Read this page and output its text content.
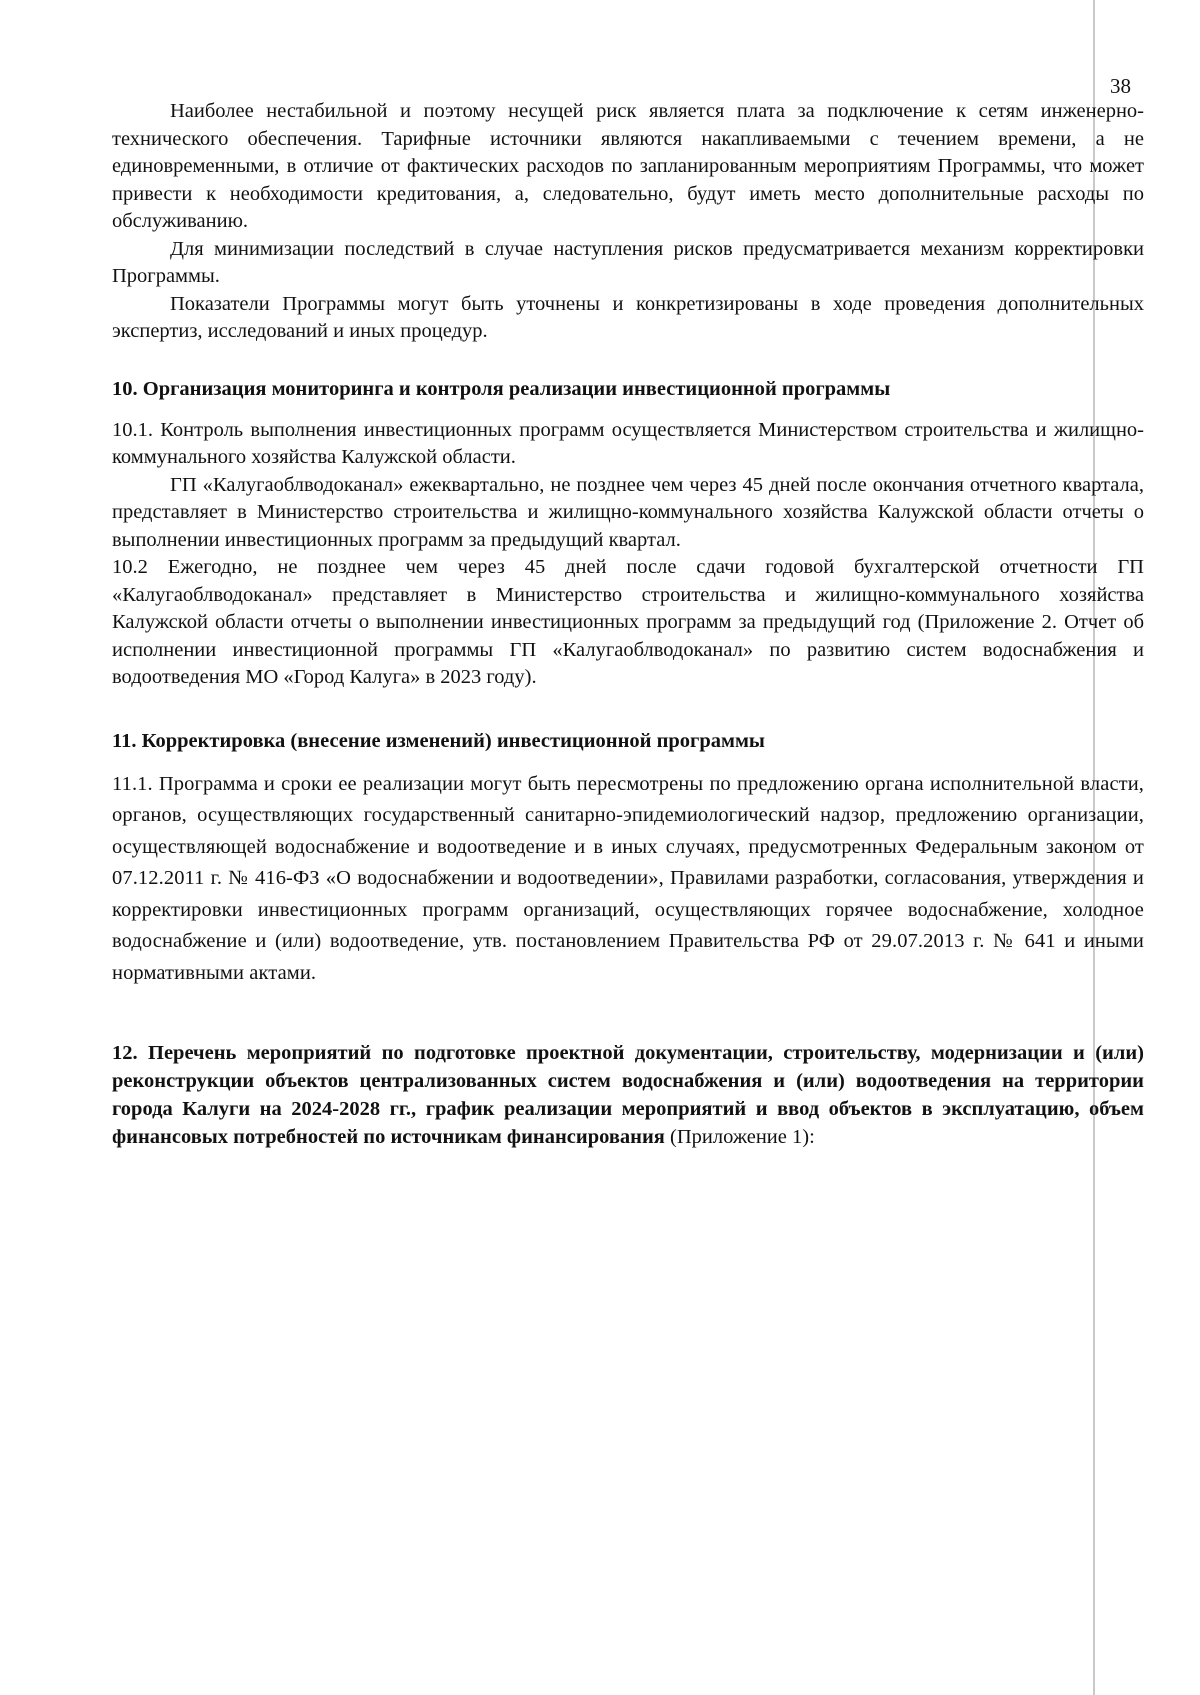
38

Наиболее нестабильной и поэтому несущей риск является плата за подключение к сетям инженерно-технического обеспечения. Тарифные источники являются накапливаемыми с течением времени, а не единовременными, в отличие от фактических расходов по запланированным мероприятиям Программы, что может привести к необходимости кредитования, а, следовательно, будут иметь место дополнительные расходы по обслуживанию.

Для минимизации последствий в случае наступления рисков предусматривается механизм корректировки Программы.

Показатели Программы могут быть уточнены и конкретизированы в ходе проведения дополнительных экспертиз, исследований и иных процедур.

10. Организация мониторинга и контроля реализации инвестиционной программы

10.1. Контроль выполнения инвестиционных программ осуществляется Министерством строительства и жилищно-коммунального хозяйства Калужской области.

ГП «Калугаоблводоканал» ежеквартально, не позднее чем через 45 дней после окончания отчетного квартала, представляет в Министерство строительства и жилищно-коммунального хозяйства Калужской области отчеты о выполнении инвестиционных программ за предыдущий квартал.

10.2 Ежегодно, не позднее чем через 45 дней после сдачи годовой бухгалтерской отчетности ГП «Калугаоблводоканал» представляет в Министерство строительства и жилищно-коммунального хозяйства Калужской области отчеты о выполнении инвестиционных программ за предыдущий год (Приложение 2. Отчет об исполнении инвестиционной программы ГП «Калугаоблводоканал» по развитию систем водоснабжения и водоотведения МО «Город Калуга» в 2023 году).

11. Корректировка (внесение изменений) инвестиционной программы

11.1. Программа и сроки ее реализации могут быть пересмотрены по предложению органа исполнительной власти, органов, осуществляющих государственный санитарно-эпидемиологический надзор, предложению организации, осуществляющей водоснабжение и водоотведение и в иных случаях, предусмотренных Федеральным законом от 07.12.2011 г. № 416-ФЗ «О водоснабжении и водоотведении», Правилами разработки, согласования, утверждения и корректировки инвестиционных программ организаций, осуществляющих горячее водоснабжение, холодное водоснабжение и (или) водоотведение, утв. постановлением Правительства РФ от 29.07.2013 г. № 641 и иными нормативными актами.

12. Перечень мероприятий по подготовке проектной документации, строительству, модернизации и (или) реконструкции объектов централизованных систем водоснабжения и (или) водоотведения на территории города Калуги на 2024-2028 гг., график реализации мероприятий и ввод объектов в эксплуатацию, объем финансовых потребностей по источникам финансирования (Приложение 1):
